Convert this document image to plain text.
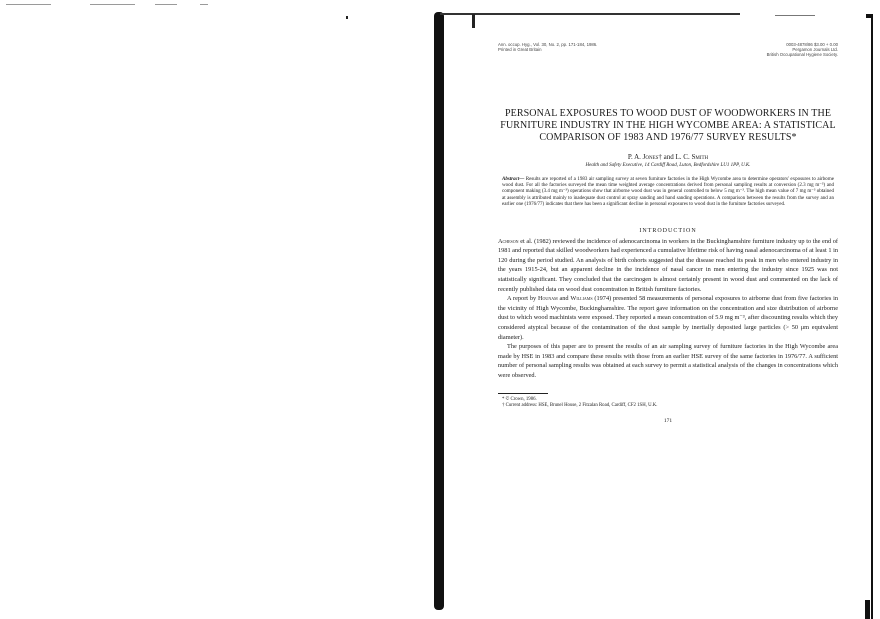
Ann. occup. Hyg., Vol. 30, No. 2, pp. 171-184, 1986.
Printed in Great Britain
0003-4878/86 $3.00 + 0.00
Pergamon Journals Ltd.
British Occupational Hygiene Society.
PERSONAL EXPOSURES TO WOOD DUST OF WOODWORKERS IN THE FURNITURE INDUSTRY IN THE HIGH WYCOMBE AREA: A STATISTICAL COMPARISON OF 1983 AND 1976/77 SURVEY RESULTS*
P. A. Jones† and L. C. Smith
Health and Safety Executive, 14 Cardiff Road, Luton, Bedfordshire LU1 1PP, U.K.
Abstract— Results are reported of a 1983 air sampling survey at seven furniture factories in the High Wycombe area to determine operators' exposures to airborne wood dust. For all the factories surveyed the mean time weighted average concentrations derived from personal sampling results at conversion (2.3 mg m⁻³) and component making (3.4 mg m⁻³) operations show that airborne wood dust was in general controlled to below 5 mg m⁻³. The high mean value of 7 mg m⁻³ obtained at assembly is attributed mainly to inadequate dust control at spray sanding and hand sanding operations. A comparison between the results from the survey and an earlier one (1976/77) indicates that there has been a significant decline in personal exposures to wood dust in the furniture factories surveyed.
INTRODUCTION

Acheson et al. (1982) reviewed the incidence of adenocarcinoma in workers in the Buckinghamshire furniture industry up to the end of 1981 and reported that skilled woodworkers had experienced a cumulative lifetime risk of having nasal adenocarcinoma of at least 1 in 120 during the period studied. An analysis of birth cohorts suggested that the disease reached its peak in men who entered industry in the years 1915-24, but an apparent decline in the incidence of nasal cancer in men entering the industry since 1925 was not statistically significant. They concluded that the carcinogen is almost certainly present in wood dust and commented on the lack of recently published data on wood dust concentration in British furniture factories.

A report by Hounam and Williams (1974) presented 58 measurements of personal exposures to airborne dust from five factories in the vicinity of High Wycombe, Buckinghamshire. The report gave information on the concentration and size distribution of airborne dust to which wood machinists were exposed. They reported a mean concentration of 5.9 mg m⁻³, after discounting results which they considered atypical because of the contamination of the dust sample by inertially deposited large particles (> 50 μm equivalent diameter).

The purposes of this paper are to present the results of an air sampling survey of furniture factories in the High Wycombe area made by HSE in 1983 and compare these results with those from an earlier HSE survey of the same factories in 1976/77. A sufficient number of personal sampling results was obtained at each survey to permit a statistical analysis of the changes in concentrations which were observed.

* © Crown, 1986.
† Current address: HSE, Brunel House, 2 Fitzalan Road, Cardiff, CF2 1SH, U.K.
171
